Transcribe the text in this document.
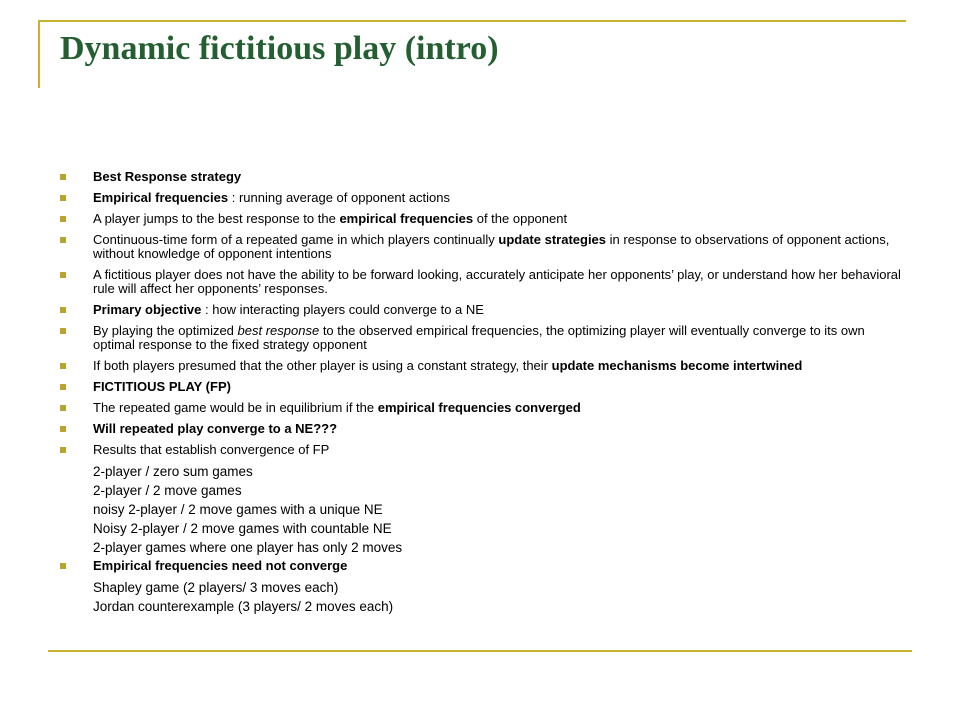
Dynamic fictitious play (intro)
Best Response strategy
Empirical frequencies : running average of opponent actions
A player jumps to the best response to the empirical frequencies of the opponent
Continuous-time form of a repeated game in which players continually update strategies in response to observations of opponent actions, without knowledge of opponent intentions
A fictitious player does not have the ability to be forward looking, accurately anticipate her opponents’ play, or understand how her behavioral rule will affect her opponents’ responses.
Primary objective : how interacting players could converge to a NE
By playing the optimized best response to the observed empirical frequencies, the optimizing player will eventually converge to its own optimal response to the fixed strategy opponent
If both players presumed that the other player is using a constant strategy, their update mechanisms become intertwined
FICTITIOUS PLAY (FP)
The repeated game would be in equilibrium if the empirical frequencies converged
Will repeated play converge to a NE???
Results that establish convergence of FP
2-player / zero sum games
2-player / 2 move games
noisy 2-player / 2 move games with a unique NE
Noisy 2-player / 2 move games with countable NE
2-player games where one player has only 2 moves
Empirical frequencies need not converge
Shapley game (2 players/ 3 moves each)
Jordan counterexample (3 players/ 2 moves each)
